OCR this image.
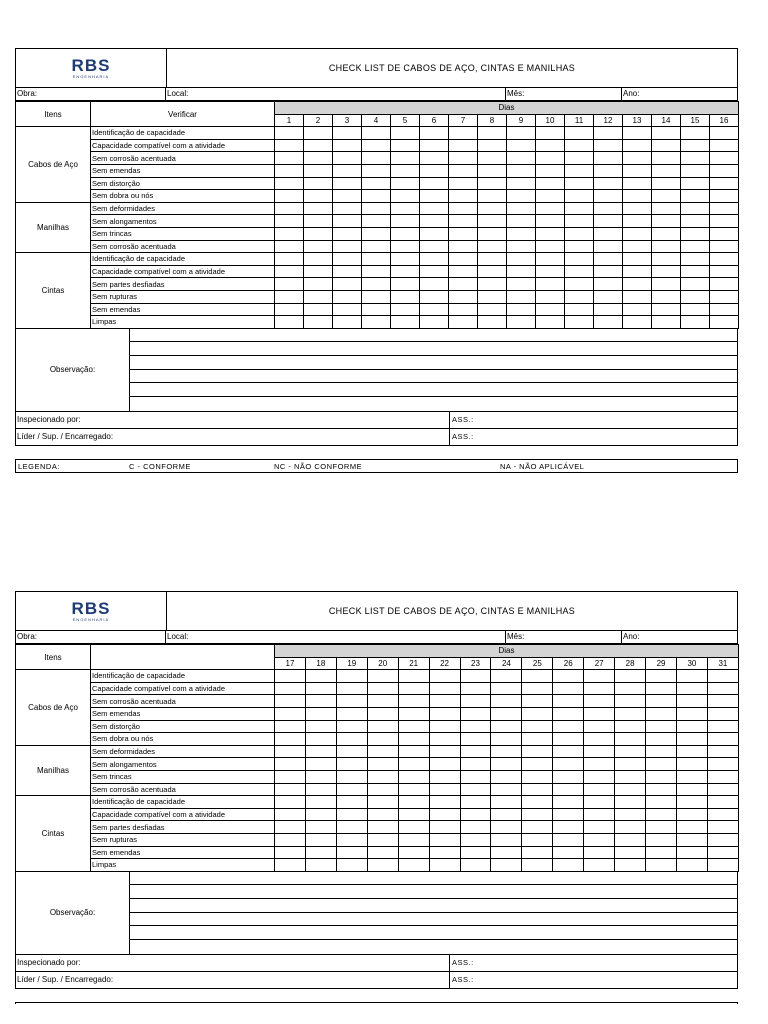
RBS
ENGENHARIA
CHECK LIST DE CABOS DE AÇO, CINTAS E MANILHAS
Obra:	Local:	Mês:	Ano:
Itens	Verificar	Dias															
		1	2	3	4	5	6	7	8	9	10	11	12	13	14	15	16
Cabos de Aço	Identificação de capacidade																
	Capacidade compatível com a atividade																
	Sem corrosão acentuada																
	Sem emendas																
	Sem distorção																
	Sem dobra ou nós																
Manilhas	Sem deformidades																
	Sem alongamentos																
	Sem trincas																
	Sem corrosão acentuada																
Cintas	Identificação de capacidade																
	Capacidade compatível com a atividade																
	Sem partes desfiadas																
	Sem rupturas																
	Sem emendas																
	Limpas																
Observação:
Inspecionado por:	ASS.:
Líder / Sup. / Encarregado:	ASS.:
LEGENDA:	C - CONFORME	NC - NÃO CONFORME	NA - NÃO APLICÁVEL
RBS
ENGENHARIA
CHECK LIST DE CABOS DE AÇO, CINTAS E MANILHAS
Obra:	Local:	Mês:	Ano:
Itens		Dias														
		17	18	19	20	21	22	23	24	25	26	27	28	29	30	31
Cabos de Aço	Identificação de capacidade															
	Capacidade compatível com a atividade															
	Sem corrosão acentuada															
	Sem emendas															
	Sem distorção															
	Sem dobra ou nós															
Manilhas	Sem deformidades															
	Sem alongamentos															
	Sem trincas															
	Sem corrosão acentuada															
Cintas	Identificação de capacidade															
	Capacidade compatível com a atividade															
	Sem partes desfiadas															
	Sem rupturas															
	Sem emendas															
	Limpas															
Observação:
Inspecionado por:	ASS.:
Líder / Sup. / Encarregado:	ASS.:
